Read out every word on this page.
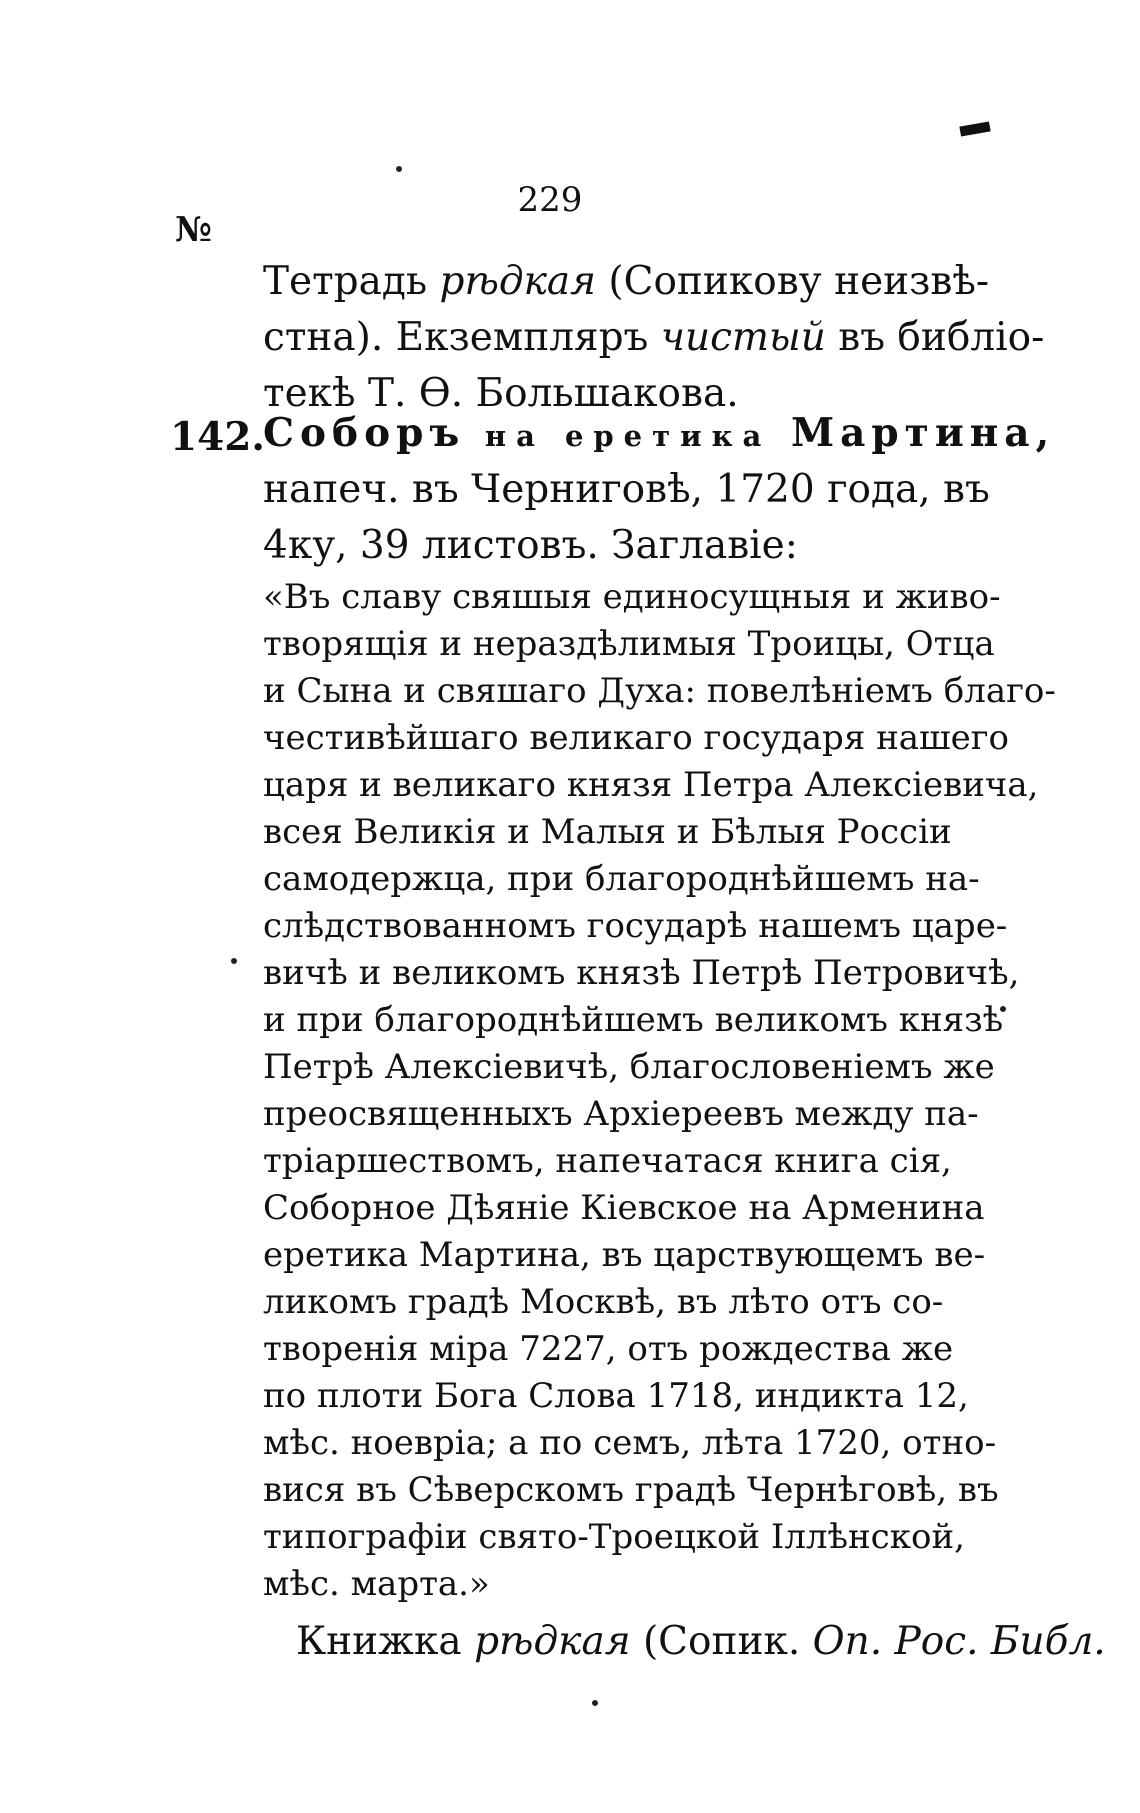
229
№
Тетрадь рѣдкая (Сопикову неизвѣ-
стна). Екземпляръ чистый въ библіо-
текѣ Т. Ѳ. Большакова.
142.
Соборъ на еретика Мартина,
напеч. въ Черниговѣ, 1720 года, въ
4ку, 39 листовъ. Заглавіе:
«Въ славу свяшыя единосущныя и живо-
творящія и нераздѣлимыя Троицы, Отца
и Сына и свяшаго Духа: повелѣніемъ благо-
честивѣйшаго великаго государя нашего
царя и великаго князя Петра Алексіевича,
всея Великія и Малыя и Бѣлыя Россіи
самодержца, при благороднѣйшемъ на-
слѣдствованномъ государѣ нашемъ царе-
вичѣ и великомъ князѣ Петрѣ Петровичѣ,
и при благороднѣйшемъ великомъ князѣ
Петрѣ Алексіевичѣ, благословеніемъ же
преосвященныхъ Архіереевъ между па-
тріаршествомъ, напечатася книга сія,
Соборное Дѣяніе Кіевское на Арменина
еретика Мартина, въ царствующемъ ве-
ликомъ градѣ Москвѣ, въ лѣто отъ со-
творенія міра 7227, отъ рождества же
по плоти Бога Слова 1718, индикта 12,
мѣс. ноевріа; а по семъ, лѣта 1720, отно-
вися въ Сѣверскомъ градѣ Чернѣговѣ, въ
типографіи свято-Троецкой Іллѣнской,
мѣс. марта.»
Книжка рѣдкая (Сопик. Оп. Рос. Библ.
